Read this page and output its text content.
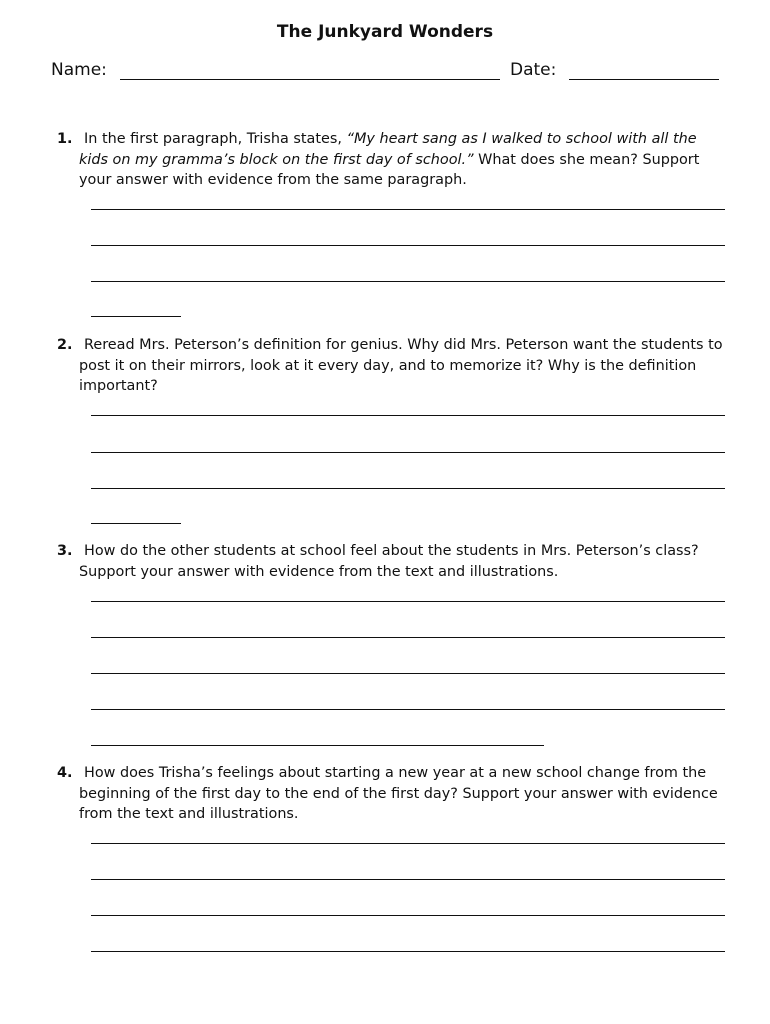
The Junkyard Wonders
Name:	Date:
1. In the first paragraph, Trisha states, “My heart sang as I walked to school with all the kids on my gramma’s block on the first day of school.” What does she mean? Support your answer with evidence from the same paragraph.
2. Reread Mrs. Peterson’s definition for genius. Why did Mrs. Peterson want the students to post it on their mirrors, look at it every day, and to memorize it? Why is the definition important?
3. How do the other students at school feel about the students in Mrs. Peterson’s class? Support your answer with evidence from the text and illustrations.
4. How does Trisha’s feelings about starting a new year at a new school change from the beginning of the first day to the end of the first day? Support your answer with evidence from the text and illustrations.
